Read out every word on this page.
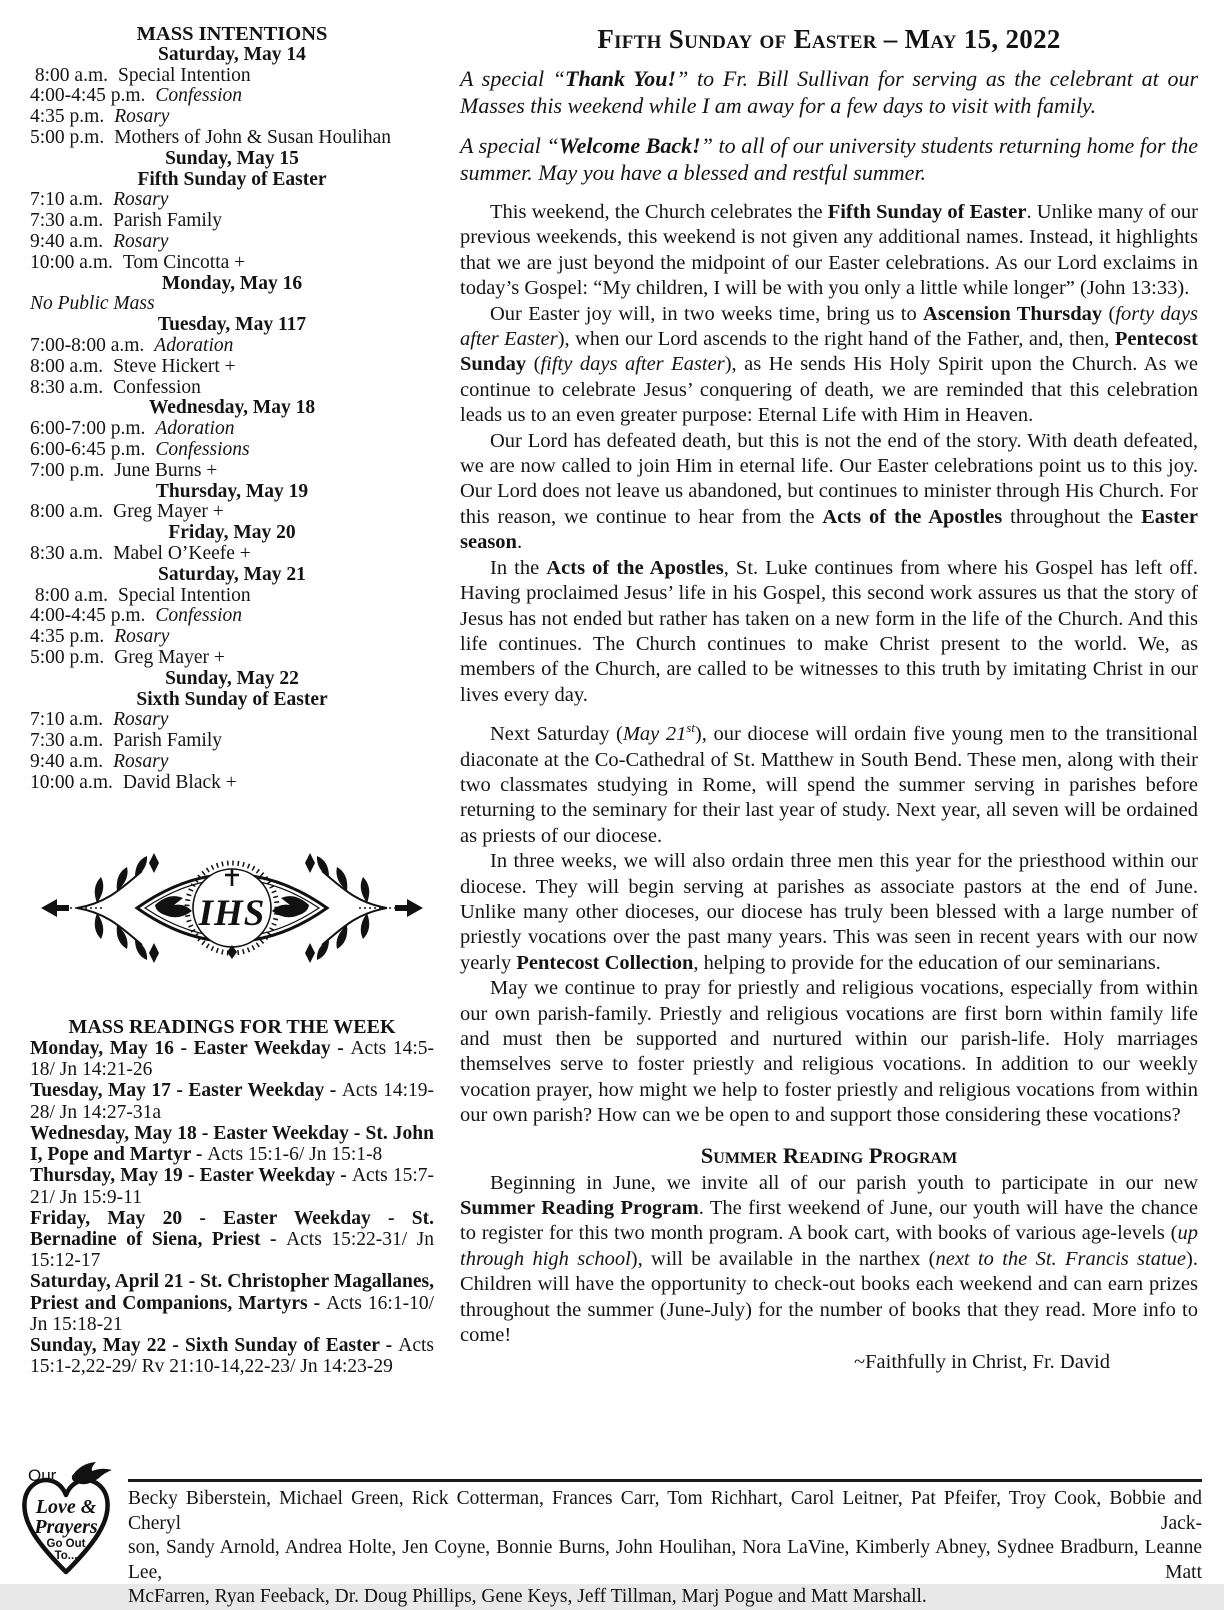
MASS INTENTIONS
Saturday, May 14
8:00 a.m. Special Intention
4:00-4:45 p.m. Confession
4:35 p.m. Rosary
5:00 p.m. Mothers of John & Susan Houlihan
Sunday, May 15
Fifth Sunday of Easter
7:10 a.m. Rosary
7:30 a.m. Parish Family
9:40 a.m. Rosary
10:00 a.m. Tom Cincotta +
Monday, May 16
No Public Mass
Tuesday, May 117
7:00-8:00 a.m. Adoration
8:00 a.m. Steve Hickert +
8:30 a.m. Confession
Wednesday, May 18
6:00-7:00 p.m. Adoration
6:00-6:45 p.m. Confessions
7:00 p.m. June Burns +
Thursday, May 19
8:00 a.m. Greg Mayer +
Friday, May 20
8:30 a.m. Mabel O’Keefe +
Saturday, May 21
8:00 a.m. Special Intention
4:00-4:45 p.m. Confession
4:35 p.m. Rosary
5:00 p.m. Greg Mayer +
Sunday, May 22
Sixth Sunday of Easter
7:10 a.m. Rosary
7:30 a.m. Parish Family
9:40 a.m. Rosary
10:00 a.m. David Black +
IHS
MASS READINGS FOR THE WEEK
Monday, May 16 - Easter Weekday - Acts 14:5-18/ Jn 14:21-26
Tuesday, May 17 - Easter Weekday - Acts 14:19-28/ Jn 14:27-31a
Wednesday, May 18 - Easter Weekday - St. John I, Pope and Martyr - Acts 15:1-6/ Jn 15:1-8
Thursday, May 19 - Easter Weekday - Acts 15:7-21/ Jn 15:9-11
Friday, May 20 - Easter Weekday - St. Bernadine of Siena, Priest - Acts 15:22-31/ Jn 15:12-17
Saturday, April 21 - St. Christopher Magallanes, Priest and Companions, Martyrs - Acts 16:1-10/ Jn 15:18-21
Sunday, May 22 - Sixth Sunday of Easter - Acts 15:1-2,22-29/ Rv 21:10-14,22-23/ Jn 14:23-29
Fifth Sunday of Easter – May 15, 2022

A special “Thank You!” to Fr. Bill Sullivan for serving as the celebrant at our Masses this weekend while I am away for a few days to visit with family.

A special “Welcome Back!” to all of our university students returning home for the summer. May you have a blessed and restful summer.

This weekend, the Church celebrates the Fifth Sunday of Easter. Unlike many of our previous weekends, this weekend is not given any additional names. Instead, it highlights that we are just beyond the midpoint of our Easter celebrations. As our Lord exclaims in today’s Gospel: “My children, I will be with you only a little while longer” (John 13:33).

Our Easter joy will, in two weeks time, bring us to Ascension Thursday (forty days after Easter), when our Lord ascends to the right hand of the Father, and, then, Pentecost Sunday (fifty days after Easter), as He sends His Holy Spirit upon the Church. As we continue to celebrate Jesus’ conquering of death, we are reminded that this celebration leads us to an even greater purpose: Eternal Life with Him in Heaven.

Our Lord has defeated death, but this is not the end of the story. With death defeated, we are now called to join Him in eternal life. Our Easter celebrations point us to this joy. Our Lord does not leave us abandoned, but continues to minister through His Church. For this reason, we continue to hear from the Acts of the Apostles throughout the Easter season.

In the Acts of the Apostles, St. Luke continues from where his Gospel has left off. Having proclaimed Jesus’ life in his Gospel, this second work assures us that the story of Jesus has not ended but rather has taken on a new form in the life of the Church. And this life continues. The Church continues to make Christ present to the world. We, as members of the Church, are called to be witnesses to this truth by imitating Christ in our lives every day.

Next Saturday (May 21st), our diocese will ordain five young men to the transitional diaconate at the Co-Cathedral of St. Matthew in South Bend. These men, along with their two classmates studying in Rome, will spend the summer serving in parishes before returning to the seminary for their last year of study. Next year, all seven will be ordained as priests of our diocese.

In three weeks, we will also ordain three men this year for the priesthood within our diocese. They will begin serving at parishes as associate pastors at the end of June. Unlike many other dioceses, our diocese has truly been blessed with a large number of priestly vocations over the past many years. This was seen in recent years with our now yearly Pentecost Collection, helping to provide for the education of our seminarians.

May we continue to pray for priestly and religious vocations, especially from within our own parish-family. Priestly and religious vocations are first born within family life and must then be supported and nurtured within our parish-life. Holy marriages themselves serve to foster priestly and religious vocations. In addition to our weekly vocation prayer, how might we help to foster priestly and religious vocations from within our own parish? How can we be open to and support those considering these vocations?

Summer Reading Program

Beginning in June, we invite all of our parish youth to participate in our new Summer Reading Program. The first weekend of June, our youth will have the chance to register for this two month program. A book cart, with books of various age-levels (up through high school), will be available in the narthex (next to the St. Francis statue). Children will have the opportunity to check-out books each weekend and can earn prizes throughout the summer (June-July) for the number of books that they read. More info to come!

~Faithfully in Christ, Fr. David
Our
Love &
Prayers
Go Out
To...
Becky Biberstein, Michael Green, Rick Cotterman, Frances Carr, Tom Richhart, Carol Leitner, Pat Pfeifer, Troy Cook, Bobbie and Cheryl Jack-
son, Sandy Arnold, Andrea Holte, Jen Coyne, Bonnie Burns, John Houlihan, Nora LaVine, Kimberly Abney, Sydnee Bradburn, Leanne Lee, Matt
McFarren, Ryan Feeback, Dr. Doug Phillips, Gene Keys, Jeff Tillman, Marj Pogue and Matt Marshall.
